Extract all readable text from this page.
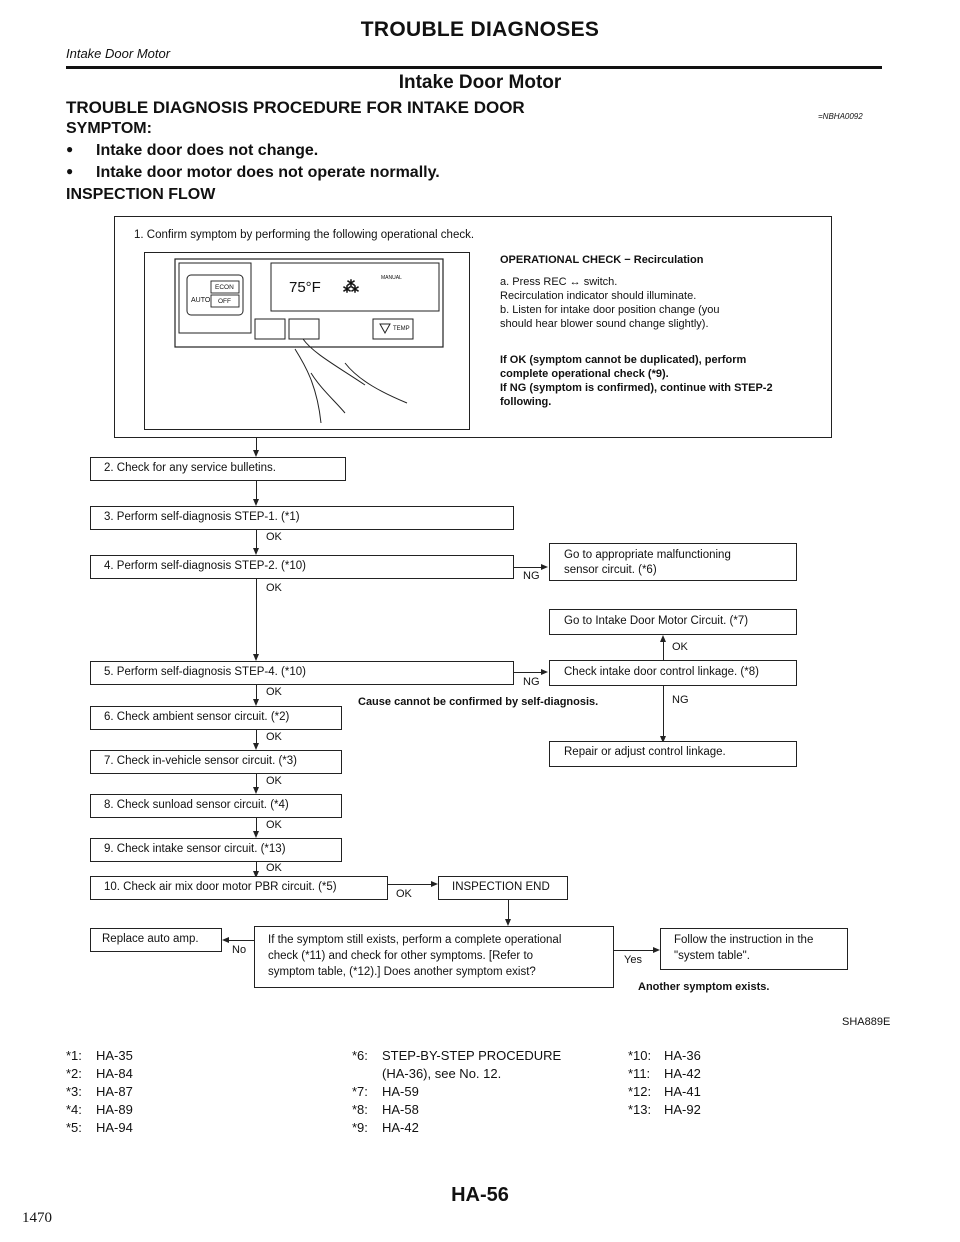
Intake Door Motor
TROUBLE DIAGNOSES
Intake Door Motor
TROUBLE DIAGNOSIS PROCEDURE FOR INTAKE DOOR	=NBHA0092
SYMPTOM:
● Intake door does not change.
● Intake door motor does not operate normally.
INSPECTION FLOW
1. Confirm symptom by performing the following operational check.
AUTO
ECON
OFF
75°F
MANUAL
⁂
TEMP
OPERATIONAL CHECK − Recirculation
a. Press REC ↔ switch.
Recirculation indicator should illuminate.
b. Listen for intake door position change (you
should hear blower sound change slightly).
If OK (symptom cannot be duplicated), perform
complete operational check (*9).
If NG (symptom is confirmed), continue with STEP-2
following.
2. Check for any service bulletins.
3. Perform self-diagnosis STEP-1. (*1)
OK
4. Perform self-diagnosis STEP-2. (*10)
NG
Go to appropriate malfunctioning
sensor circuit. (*6)
OK
5. Perform self-diagnosis STEP-4. (*10)
Go to Intake Door Motor Circuit. (*7)
OK
NG
Check intake door control linkage. (*8)
NG
Repair or adjust control linkage.
Cause cannot be confirmed by self-diagnosis.
OK
6. Check ambient sensor circuit. (*2)
OK
7. Check in-vehicle sensor circuit. (*3)
OK
8. Check sunload sensor circuit. (*4)
OK
9. Check intake sensor circuit. (*13)
OK
10. Check air mix door motor PBR circuit. (*5)
OK
INSPECTION END
If the symptom still exists, perform a complete operational
check (*11) and check for other symptoms. [Refer to
symptom table, (*12).] Does another symptom exist?
Replace auto amp.
No
Yes
Follow the instruction in the
"system table".
Another symptom exists.
SHA889E
*1: HA-35
*2: HA-84
*3: HA-87
*4: HA-89
*5: HA-94
*6: STEP-BY-STEP PROCEDURE
(HA-36), see No. 12.
*7: HA-59
*8: HA-58
*9: HA-42
*10: HA-36
*11: HA-42
*12: HA-41
*13: HA-92
HA-56
1470
